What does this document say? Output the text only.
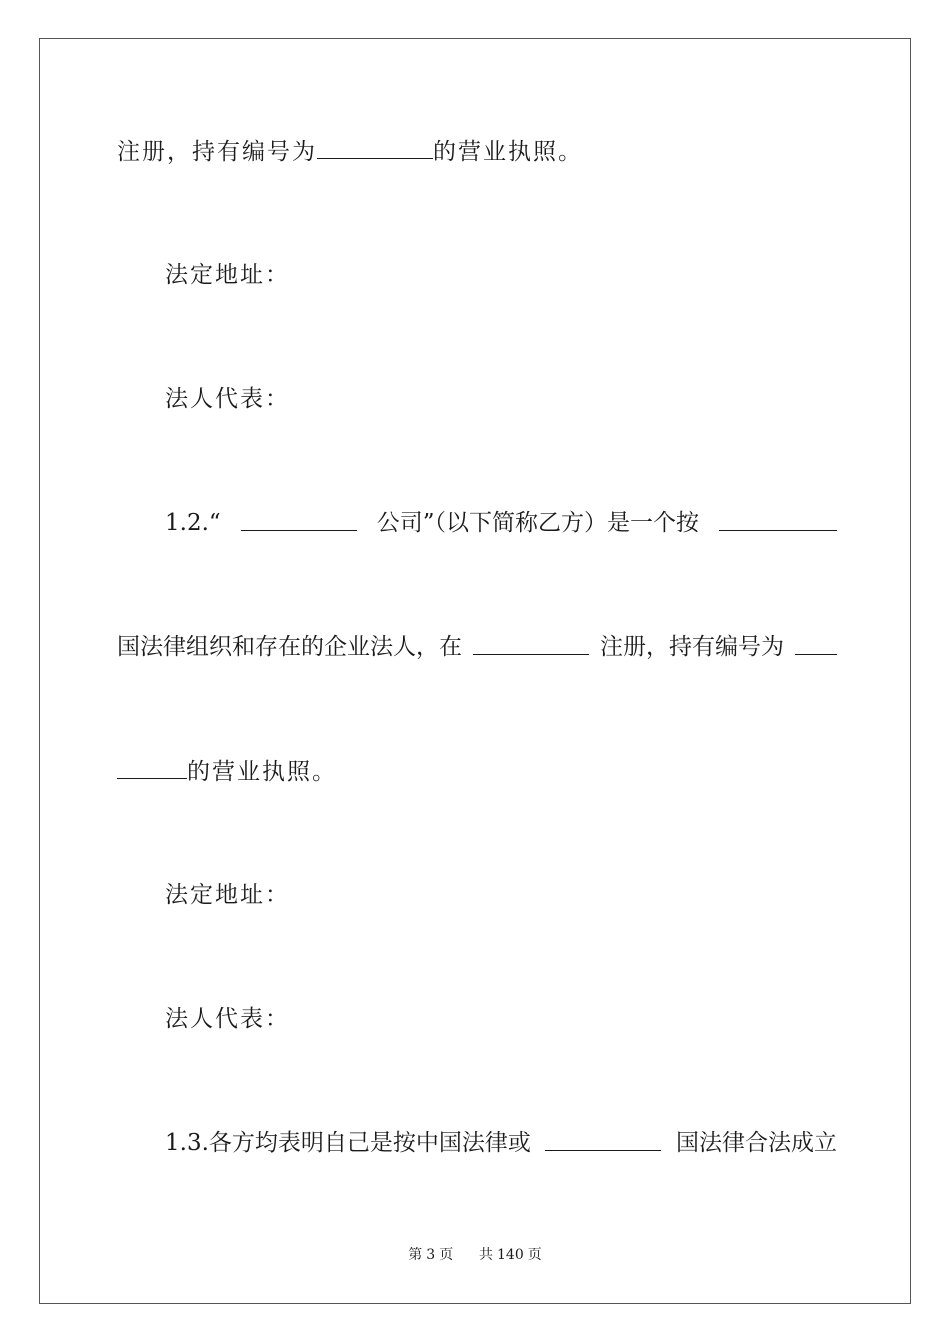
注册，持有编号为	的营业执照。
法定地址：
法人代表：
1.2.“	公司”（以下简称乙方）是一个按
国法律组织和存在的企业法人，在	注册，持有编号为
的营业执照。
法定地址：
法人代表：
1.3.各方均表明自己是按中国法律或	国法律合法成立
第 3 页 共 140 页
